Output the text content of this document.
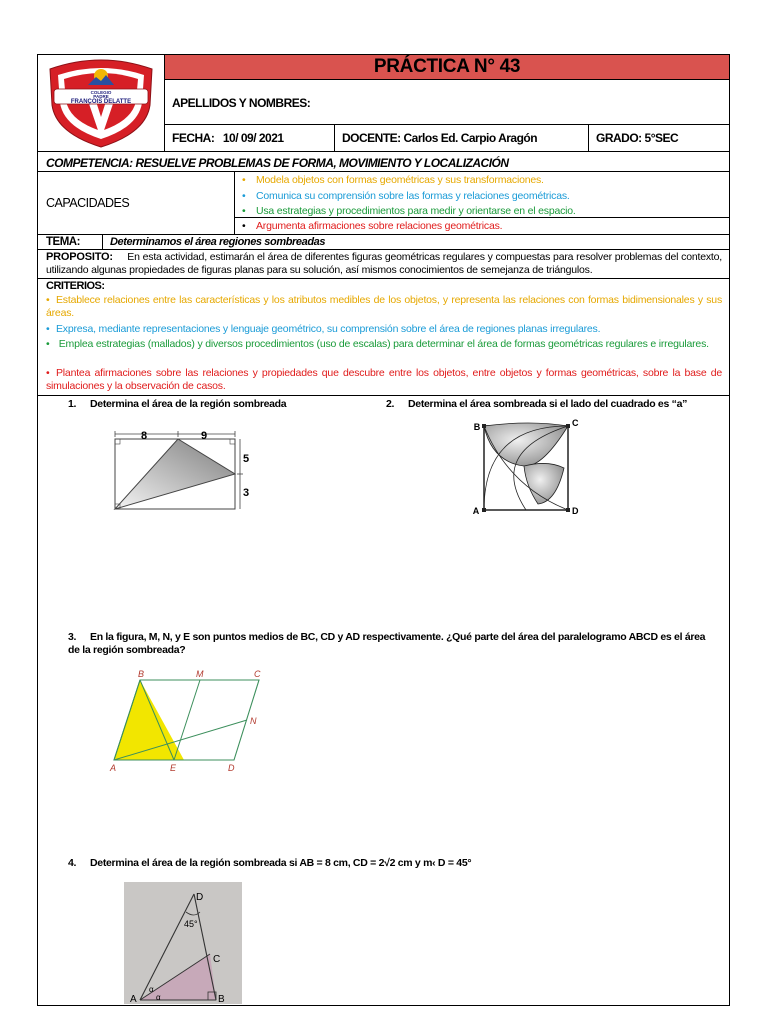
COLEGIO
PADRE
FRANÇOIS DELATTE
PRÁCTICA N° 43
APELLIDOS Y NOMBRES:
FECHA: 10/ 09/ 2021	DOCENTE: Carlos Ed. Carpio Aragón	GRADO: 5°SEC
COMPETENCIA: RESUELVE PROBLEMAS DE FORMA, MOVIMIENTO Y LOCALIZACIÓN
CAPACIDADES
• Modela objetos con formas geométricas y sus transformaciones.
• Comunica su comprensión sobre las formas y relaciones geométricas.
• Usa estrategias y procedimientos para medir y orientarse en el espacio.
• Argumenta afirmaciones sobre relaciones geométricas.
TEMA:	Determinamos el área regiones sombreadas
PROPOSITO: En esta actividad, estimarán el área de diferentes figuras geométricas regulares y compuestas para resolver problemas del contexto, utilizando algunas propiedades de figuras planas para su solución, así mismos conocimientos de semejanza de triángulos.
CRITERIOS:
• Establece relaciones entre las características y los atributos medibles de los objetos, y representa las relaciones con formas bidimensionales y sus áreas.
• Expresa, mediante representaciones y lenguaje geométrico, su comprensión sobre el área de regiones planas irregulares.
• Emplea estrategias (mallados) y diversos procedimientos (uso de escalas) para determinar el área de formas geométricas regulares e irregulares.
• Plantea afirmaciones sobre las relaciones y propiedades que descubre entre los objetos, entre objetos y formas geométricas, sobre la base de simulaciones y la observación de casos.
1. Determina el área de la región sombreada
8	9
5
3
2. Determina el área sombreada si el lado del cuadrado es “a”
B	C
A	D
3. En la figura, M, N, y E son puntos medios de BC, CD y AD respectivamente. ¿Qué parte del área del paralelogramo ABCD es el área de la región sombreada?
B	M	C
N
A	E	D
4. Determina el área de la región sombreada si AB = 8 cm, CD = 2√2 cm y m‹ D = 45°
D
45°
C
A
α
α	B
